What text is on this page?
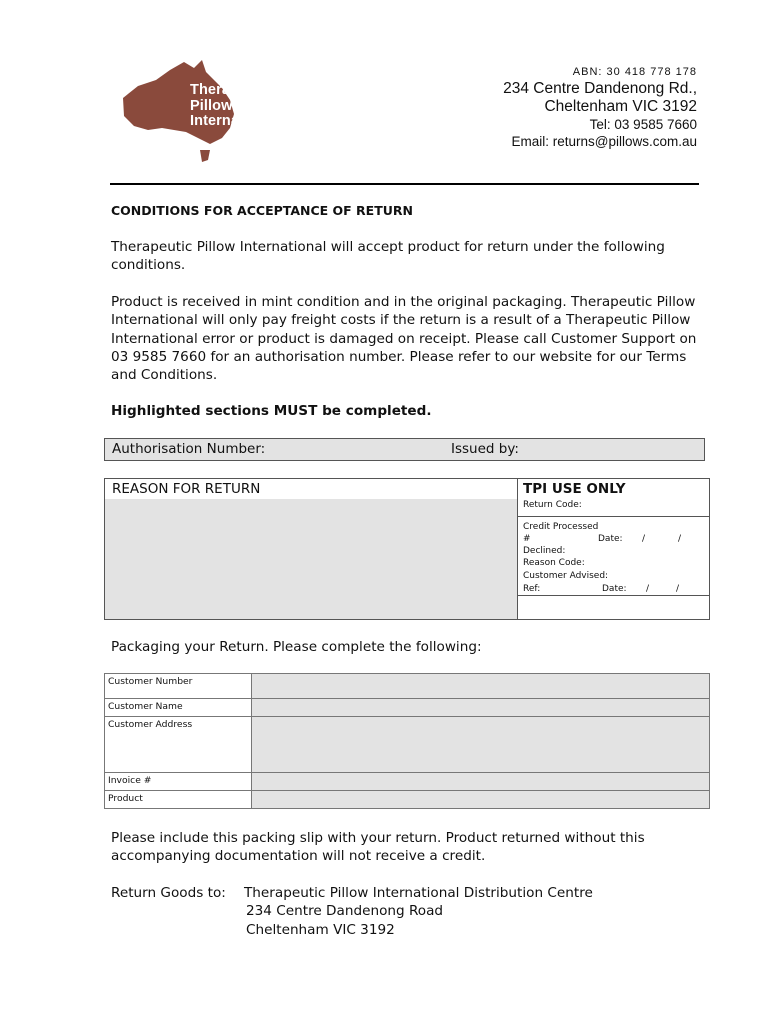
Therapeutic
Pillow
International
ABN: 30 418 778 178
234 Centre Dandenong Rd.,
Cheltenham VIC 3192
Tel: 03 9585 7660
Email: returns@pillows.com.au
CONDITIONS FOR ACCEPTANCE OF RETURN
Therapeutic Pillow International will accept product for return under the following conditions.
Product is received in mint condition and in the original packaging. Therapeutic Pillow International will only pay freight costs if the return is a result of a Therapeutic Pillow International error or product is damaged on receipt. Please call Customer Support on 03 9585 7660 for an authorisation number. Please refer to our website for our Terms and Conditions.
Highlighted sections MUST be completed.
Authorisation Number:	Issued by:
REASON FOR RETURN	TPI USE ONLY
Return Code:
Credit Processed
#	Date: /	/
Declined:
Reason Code:
Customer Advised:
Ref:	Date: /	/
Packaging your Return. Please complete the following:
Customer Number	
Customer Name	
Customer Address	
Invoice #	
Product	
Please include this packing slip with your return. Product returned without this accompanying documentation will not receive a credit.
Return Goods to: Therapeutic Pillow International Distribution Centre
234 Centre Dandenong Road
Cheltenham VIC 3192
